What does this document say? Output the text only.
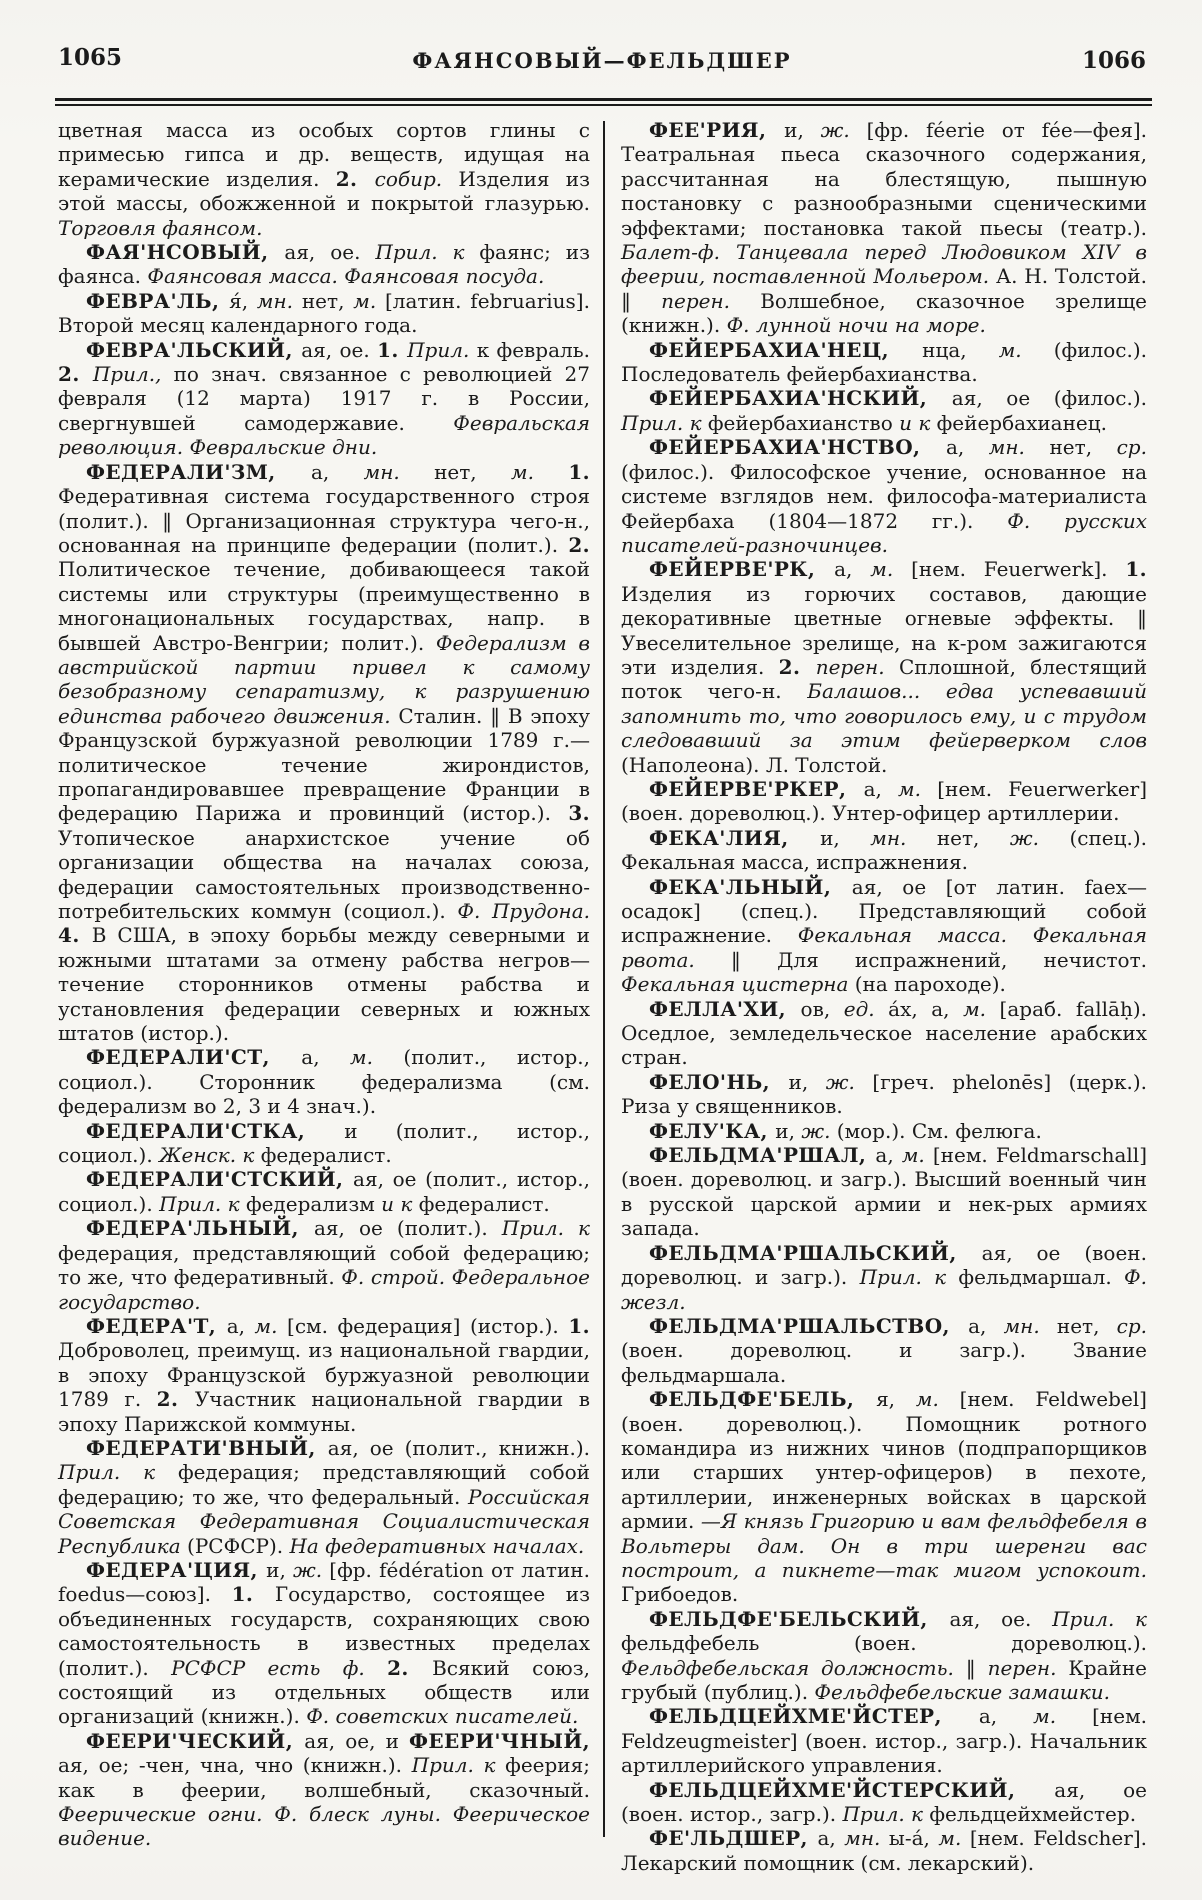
1065	ФАЯНСОВЫЙ—ФЕЛЬДШЕР	1066

цветная масса из особых сортов глины с примесью гипса и др. веществ, идущая на керамические изделия. 2. собир. Изделия из этой массы, обожженной и покрытой глазурью. Торговля фаянсом.

ФАЯ'НСОВЫЙ, ая, ое. Прил. к фаянс; из фаянса. Фаянсовая масса. Фаянсовая посуда.

ФЕВРА'ЛЬ, я́, мн. нет, м. [латин. februarius]. Второй месяц календарного года.

ФЕВРА'ЛЬСКИЙ, ая, ое. 1. Прил. к февраль. 2. Прил., по знач. связанное с революцией 27 февраля (12 марта) 1917 г. в России, свергнувшей самодержавие. Февральская революция. Февральские дни.

ФЕДЕРАЛИ'ЗМ, а, мн. нет, м. 1. Федеративная система государственного строя (полит.). ‖ Организационная структура чего-н., основанная на принципе федерации (полит.). 2. Политическое течение, добивающееся такой системы или структуры (преимущественно в многонациональных государствах, напр. в бывшей Австро-Венгрии; полит.). Федерализм в австрийской партии привел к самому безобразному сепаратизму, к разрушению единства рабочего движения. Сталин. ‖ В эпоху Французской буржуазной революции 1789 г.—политическое течение жирондистов, пропагандировавшее превращение Франции в федерацию Парижа и провинций (истор.). 3. Утопическое анархистское учение об организации общества на началах союза, федерации самостоятельных производственно-потребительских коммун (социол.). Ф. Прудона. 4. В США, в эпоху борьбы между северными и южными штатами за отмену рабства негров—течение сторонников отмены рабства и установления федерации северных и южных штатов (истор.).

ФЕДЕРАЛИ'СТ, а, м. (полит., истор., социол.). Сторонник федерализма (см. федерализм во 2, 3 и 4 знач.).

ФЕДЕРАЛИ'СТКА, и (полит., истор., социол.). Женск. к федералист.

ФЕДЕРАЛИ'СТСКИЙ, ая, ое (полит., истор., социол.). Прил. к федерализм и к федералист.

ФЕДЕРА'ЛЬНЫЙ, ая, ое (полит.). Прил. к федерация, представляющий собой федерацию; то же, что федеративный. Ф. строй. Федеральное государство.

ФЕДЕРА'Т, а, м. [см. федерация] (истор.). 1. Доброволец, преимущ. из национальной гвардии, в эпоху Французской буржуазной революции 1789 г. 2. Участник национальной гвардии в эпоху Парижской коммуны.

ФЕДЕРАТИ'ВНЫЙ, ая, ое (полит., книжн.). Прил. к федерация; представляющий собой федерацию; то же, что федеральный. Российская Советская Федеративная Социалистическая Республика (РСФСР). На федеративных началах.

ФЕДЕРА'ЦИЯ, и, ж. [фр. fédération от латин. foedus—союз]. 1. Государство, состоящее из объединенных государств, сохраняющих свою самостоятельность в известных пределах (полит.). РСФСР есть ф. 2. Всякий союз, состоящий из отдельных обществ или организаций (книжн.). Ф. советских писателей.

ФЕЕРИ'ЧЕСКИЙ, ая, ое, и ФЕЕРИ'ЧНЫЙ, ая, ое; -чен, чна, чно (книжн.). Прил. к феерия; как в феерии, волшебный, сказочный. Феерические огни. Ф. блеск луны. Феерическое видение.

ФЕЕ'РИЯ, и, ж. [фр. féerie от fée—фея]. Театральная пьеса сказочного содержания, рассчитанная на блестящую, пышную постановку с разнообразными сценическими эффектами; постановка такой пьесы (театр.). Балет-ф. Танцевала перед Людовиком XIV в феерии, поставленной Мольером. А. Н. Толстой. ‖ перен. Волшебное, сказочное зрелище (книжн.). Ф. лунной ночи на море.

ФЕЙЕРБАХИА'НЕЦ, нца, м. (филос.). Последователь фейербахианства.

ФЕЙЕРБАХИА'НСКИЙ, ая, ое (филос.). Прил. к фейербахианство и к фейербахианец.

ФЕЙЕРБАХИА'НСТВО, а, мн. нет, ср. (филос.). Философское учение, основанное на системе взглядов нем. философа-материалиста Фейербаха (1804—1872 гг.). Ф. русских писателей-разночинцев.

ФЕЙЕРВЕ'РК, а, м. [нем. Feuerwerk]. 1. Изделия из горючих составов, дающие декоративные цветные огневые эффекты. ‖ Увеселительное зрелище, на к-ром зажигаются эти изделия. 2. перен. Сплошной, блестящий поток чего-н. Балашов... едва успевавший запомнить то, что говорилось ему, и с трудом следовавший за этим фейерверком слов (Наполеона). Л. Толстой.

ФЕЙЕРВЕ'РКЕР, а, м. [нем. Feuerwerker] (воен. дореволюц.). Унтер-офицер артиллерии.

ФЕКА'ЛИЯ, и, мн. нет, ж. (спец.). Фекальная масса, испражнения.

ФЕКА'ЛЬНЫЙ, ая, ое [от латин. faex—осадок] (спец.). Представляющий собой испражнение. Фекальная масса. Фекальная рвота. ‖ Для испражнений, нечистот. Фекальная цистерна (на пароходе).

ФЕЛЛА'ХИ, ов, ед. а́х, а, м. [араб. fallāḥ). Оседлое, земледельческое население арабских стран.

ФЕЛО'НЬ, и, ж. [греч. phelonēs] (церк.). Риза у священников.

ФЕЛУ'КА, и, ж. (мор.). См. фелюга.

ФЕЛЬДМА'РШАЛ, а, м. [нем. Feldmarschall] (воен. дореволюц. и загр.). Высший военный чин в русской царской армии и нек-рых армиях запада.

ФЕЛЬДМА'РШАЛЬСКИЙ, ая, ое (воен. дореволюц. и загр.). Прил. к фельдмаршал. Ф. жезл.

ФЕЛЬДМА'РШАЛЬСТВО, а, мн. нет, ср. (воен. дореволюц. и загр.). Звание фельдмаршала.

ФЕЛЬДФЕ'БЕЛЬ, я, м. [нем. Feldwebel] (воен. дореволюц.). Помощник ротного командира из нижних чинов (подпрапорщиков или старших унтер-офицеров) в пехоте, артиллерии, инженерных войсках в царской армии. —Я князь Григорию и вам фельдфебеля в Вольтеры дам. Он в три шеренги вас построит, а пикнете—так мигом успокоит. Грибоедов.

ФЕЛЬДФЕ'БЕЛЬСКИЙ, ая, ое. Прил. к фельдфебель (воен. дореволюц.). Фельдфебельская должность. ‖ перен. Крайне грубый (публиц.). Фельдфебельские замашки.

ФЕЛЬДЦЕЙХМЕ'ЙСТЕР, а, м. [нем. Feldzeugmeister] (воен. истор., загр.). Начальник артиллерийского управления.

ФЕЛЬДЦЕЙХМЕ'ЙСТЕРСКИЙ, ая, ое (воен. истор., загр.). Прил. к фельдцейхмейстер.

ФЕ'ЛЬДШЕР, а, мн. ы-а́, м. [нем. Feldscher]. Лекарский помощник (см. лекарский).
